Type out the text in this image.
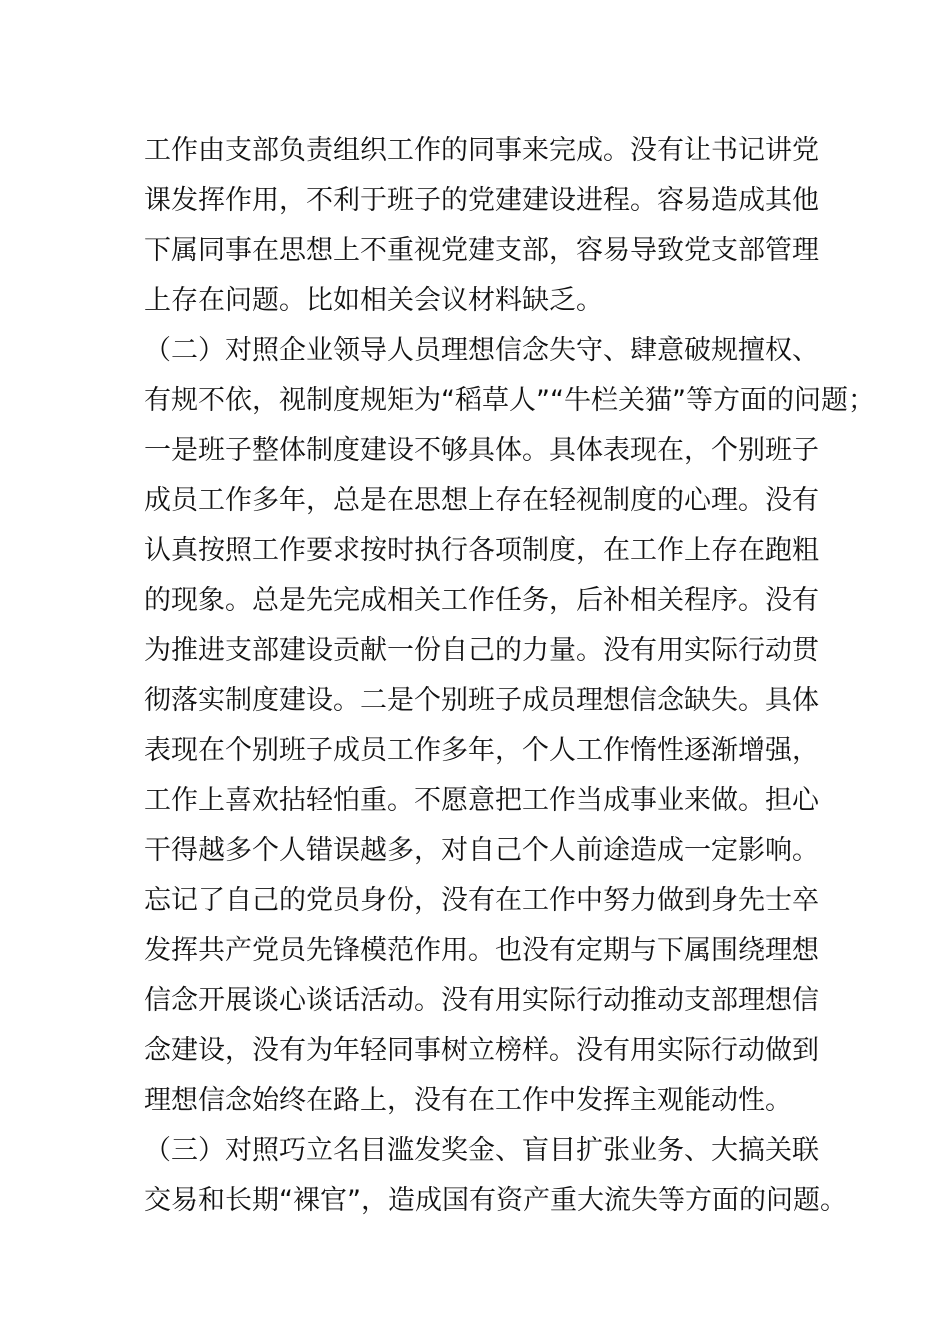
工作由支部负责组织工作的同事来完成。没有让书记讲党
课发挥作用，不利于班子的党建建设进程。容易造成其他
下属同事在思想上不重视党建支部，容易导致党支部管理
上存在问题。比如相关会议材料缺乏。
（二）对照企业领导人员理想信念失守、肆意破规擅权、
有规不依，视制度规矩为“稻草人”“牛栏关猫”等方面的问题；
一是班子整体制度建设不够具体。具体表现在，个别班子
成员工作多年，总是在思想上存在轻视制度的心理。没有
认真按照工作要求按时执行各项制度，在工作上存在跑粗
的现象。总是先完成相关工作任务，后补相关程序。没有
为推进支部建设贡献一份自己的力量。没有用实际行动贯
彻落实制度建设。二是个别班子成员理想信念缺失。具体
表现在个别班子成员工作多年，个人工作惰性逐渐增强，
工作上喜欢拈轻怕重。不愿意把工作当成事业来做。担心
干得越多个人错误越多，对自己个人前途造成一定影响。
忘记了自己的党员身份，没有在工作中努力做到身先士卒
发挥共产党员先锋模范作用。也没有定期与下属围绕理想
信念开展谈心谈话活动。没有用实际行动推动支部理想信
念建设，没有为年轻同事树立榜样。没有用实际行动做到
理想信念始终在路上，没有在工作中发挥主观能动性。
（三）对照巧立名目滥发奖金、盲目扩张业务、大搞关联
交易和长期“裸官”，造成国有资产重大流失等方面的问题。
